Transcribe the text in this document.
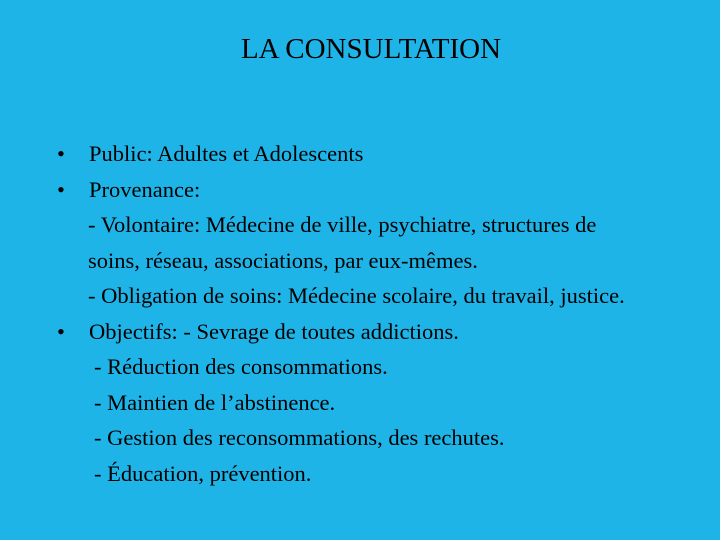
LA CONSULTATION
• Public: Adultes et Adolescents
• Provenance:
- Volontaire: Médecine de ville, psychiatre, structures de
soins, réseau, associations, par eux-mêmes.
- Obligation de soins: Médecine scolaire, du travail, justice.
• Objectifs: - Sevrage de toutes addictions.
- Réduction des consommations.
- Maintien de l’abstinence.
- Gestion des reconsommations, des rechutes.
- Éducation, prévention.
